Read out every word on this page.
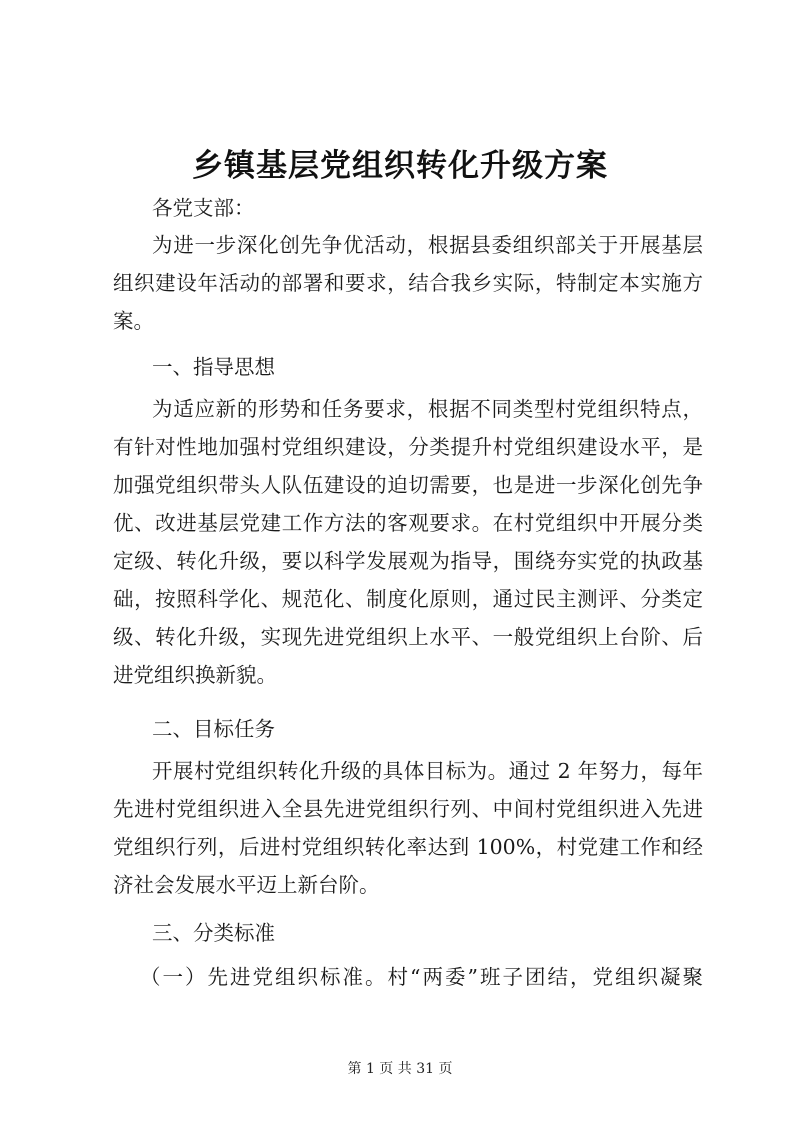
乡镇基层党组织转化升级方案
各党支部：
为进一步深化创先争优活动，根据县委组织部关于开展基层
组织建设年活动的部署和要求，结合我乡实际，特制定本实施方
案。
一、指导思想
为适应新的形势和任务要求，根据不同类型村党组织特点，
有针对性地加强村党组织建设，分类提升村党组织建设水平，是
加强党组织带头人队伍建设的迫切需要，也是进一步深化创先争
优、改进基层党建工作方法的客观要求。在村党组织中开展分类
定级、转化升级，要以科学发展观为指导，围绕夯实党的执政基
础，按照科学化、规范化、制度化原则，通过民主测评、分类定
级、转化升级，实现先进党组织上水平、一般党组织上台阶、后
进党组织换新貌。
二、目标任务
开展村党组织转化升级的具体目标为。通过 2 年努力，每年
先进村党组织进入全县先进党组织行列、中间村党组织进入先进
党组织行列，后进村党组织转化率达到 100%，村党建工作和经
济社会发展水平迈上新台阶。
三、分类标准
（一）先进党组织标准。村“两委”班子团结，党组织凝聚
第 1 页 共 31 页
